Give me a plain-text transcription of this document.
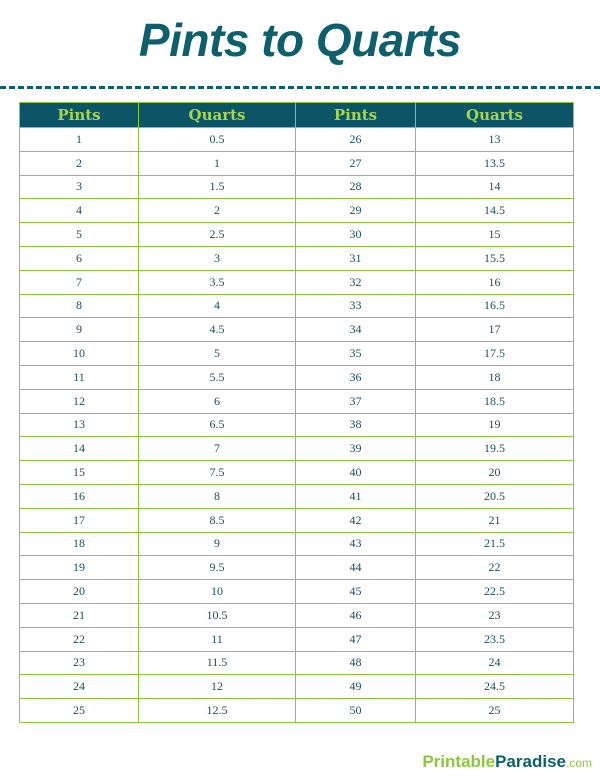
Pints to Quarts
Pints	Quarts	Pints	Quarts
1	0.5	26	13
2	1	27	13.5
3	1.5	28	14
4	2	29	14.5
5	2.5	30	15
6	3	31	15.5
7	3.5	32	16
8	4	33	16.5
9	4.5	34	17
10	5	35	17.5
11	5.5	36	18
12	6	37	18.5
13	6.5	38	19
14	7	39	19.5
15	7.5	40	20
16	8	41	20.5
17	8.5	42	21
18	9	43	21.5
19	9.5	44	22
20	10	45	22.5
21	10.5	46	23
22	11	47	23.5
23	11.5	48	24
24	12	49	24.5
25	12.5	50	25
PrintableParadise.com
